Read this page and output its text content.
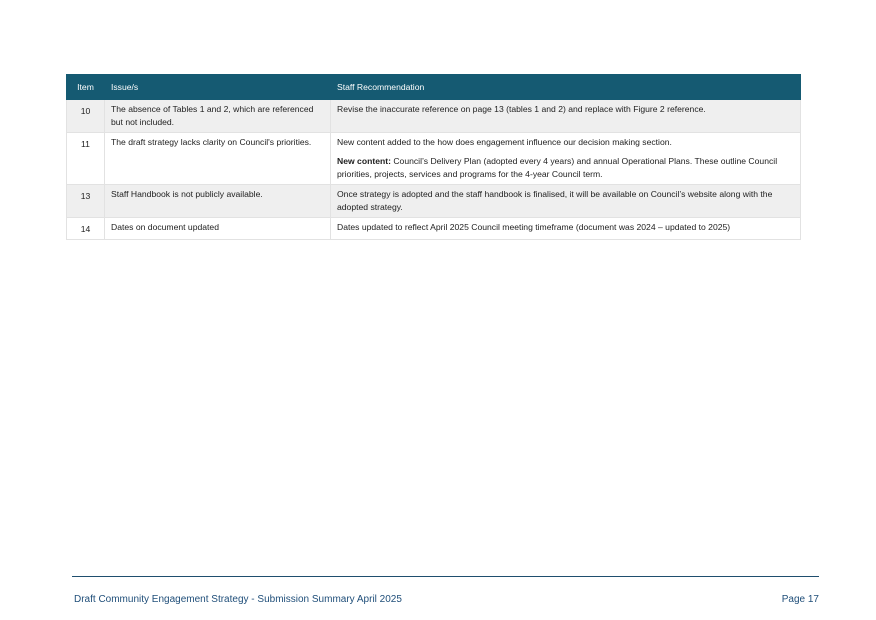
Item	Issue/s	Staff Recommendation
10	The absence of Tables 1 and 2, which are referenced but not included.	Revise the inaccurate reference on page 13 (tables 1 and 2) and replace with Figure 2 reference.

11	The draft strategy lacks clarity on Council's priorities.	New content added to the how does engagement influence our decision making section.
New content: Council’s Delivery Plan (adopted every 4 years) and annual Operational Plans. These outline Council priorities, projects, services and programs for the 4-year Council term.

13	Staff Handbook is not publicly available.	Once strategy is adopted and the staff handbook is finalised, it will be available on Council’s website along with the adopted strategy.

14	Dates on document updated	Dates updated to reflect April 2025 Council meeting timeframe (document was 2024 – updated to 2025)
Draft Community Engagement Strategy - Submission Summary April 2025	Page 17
